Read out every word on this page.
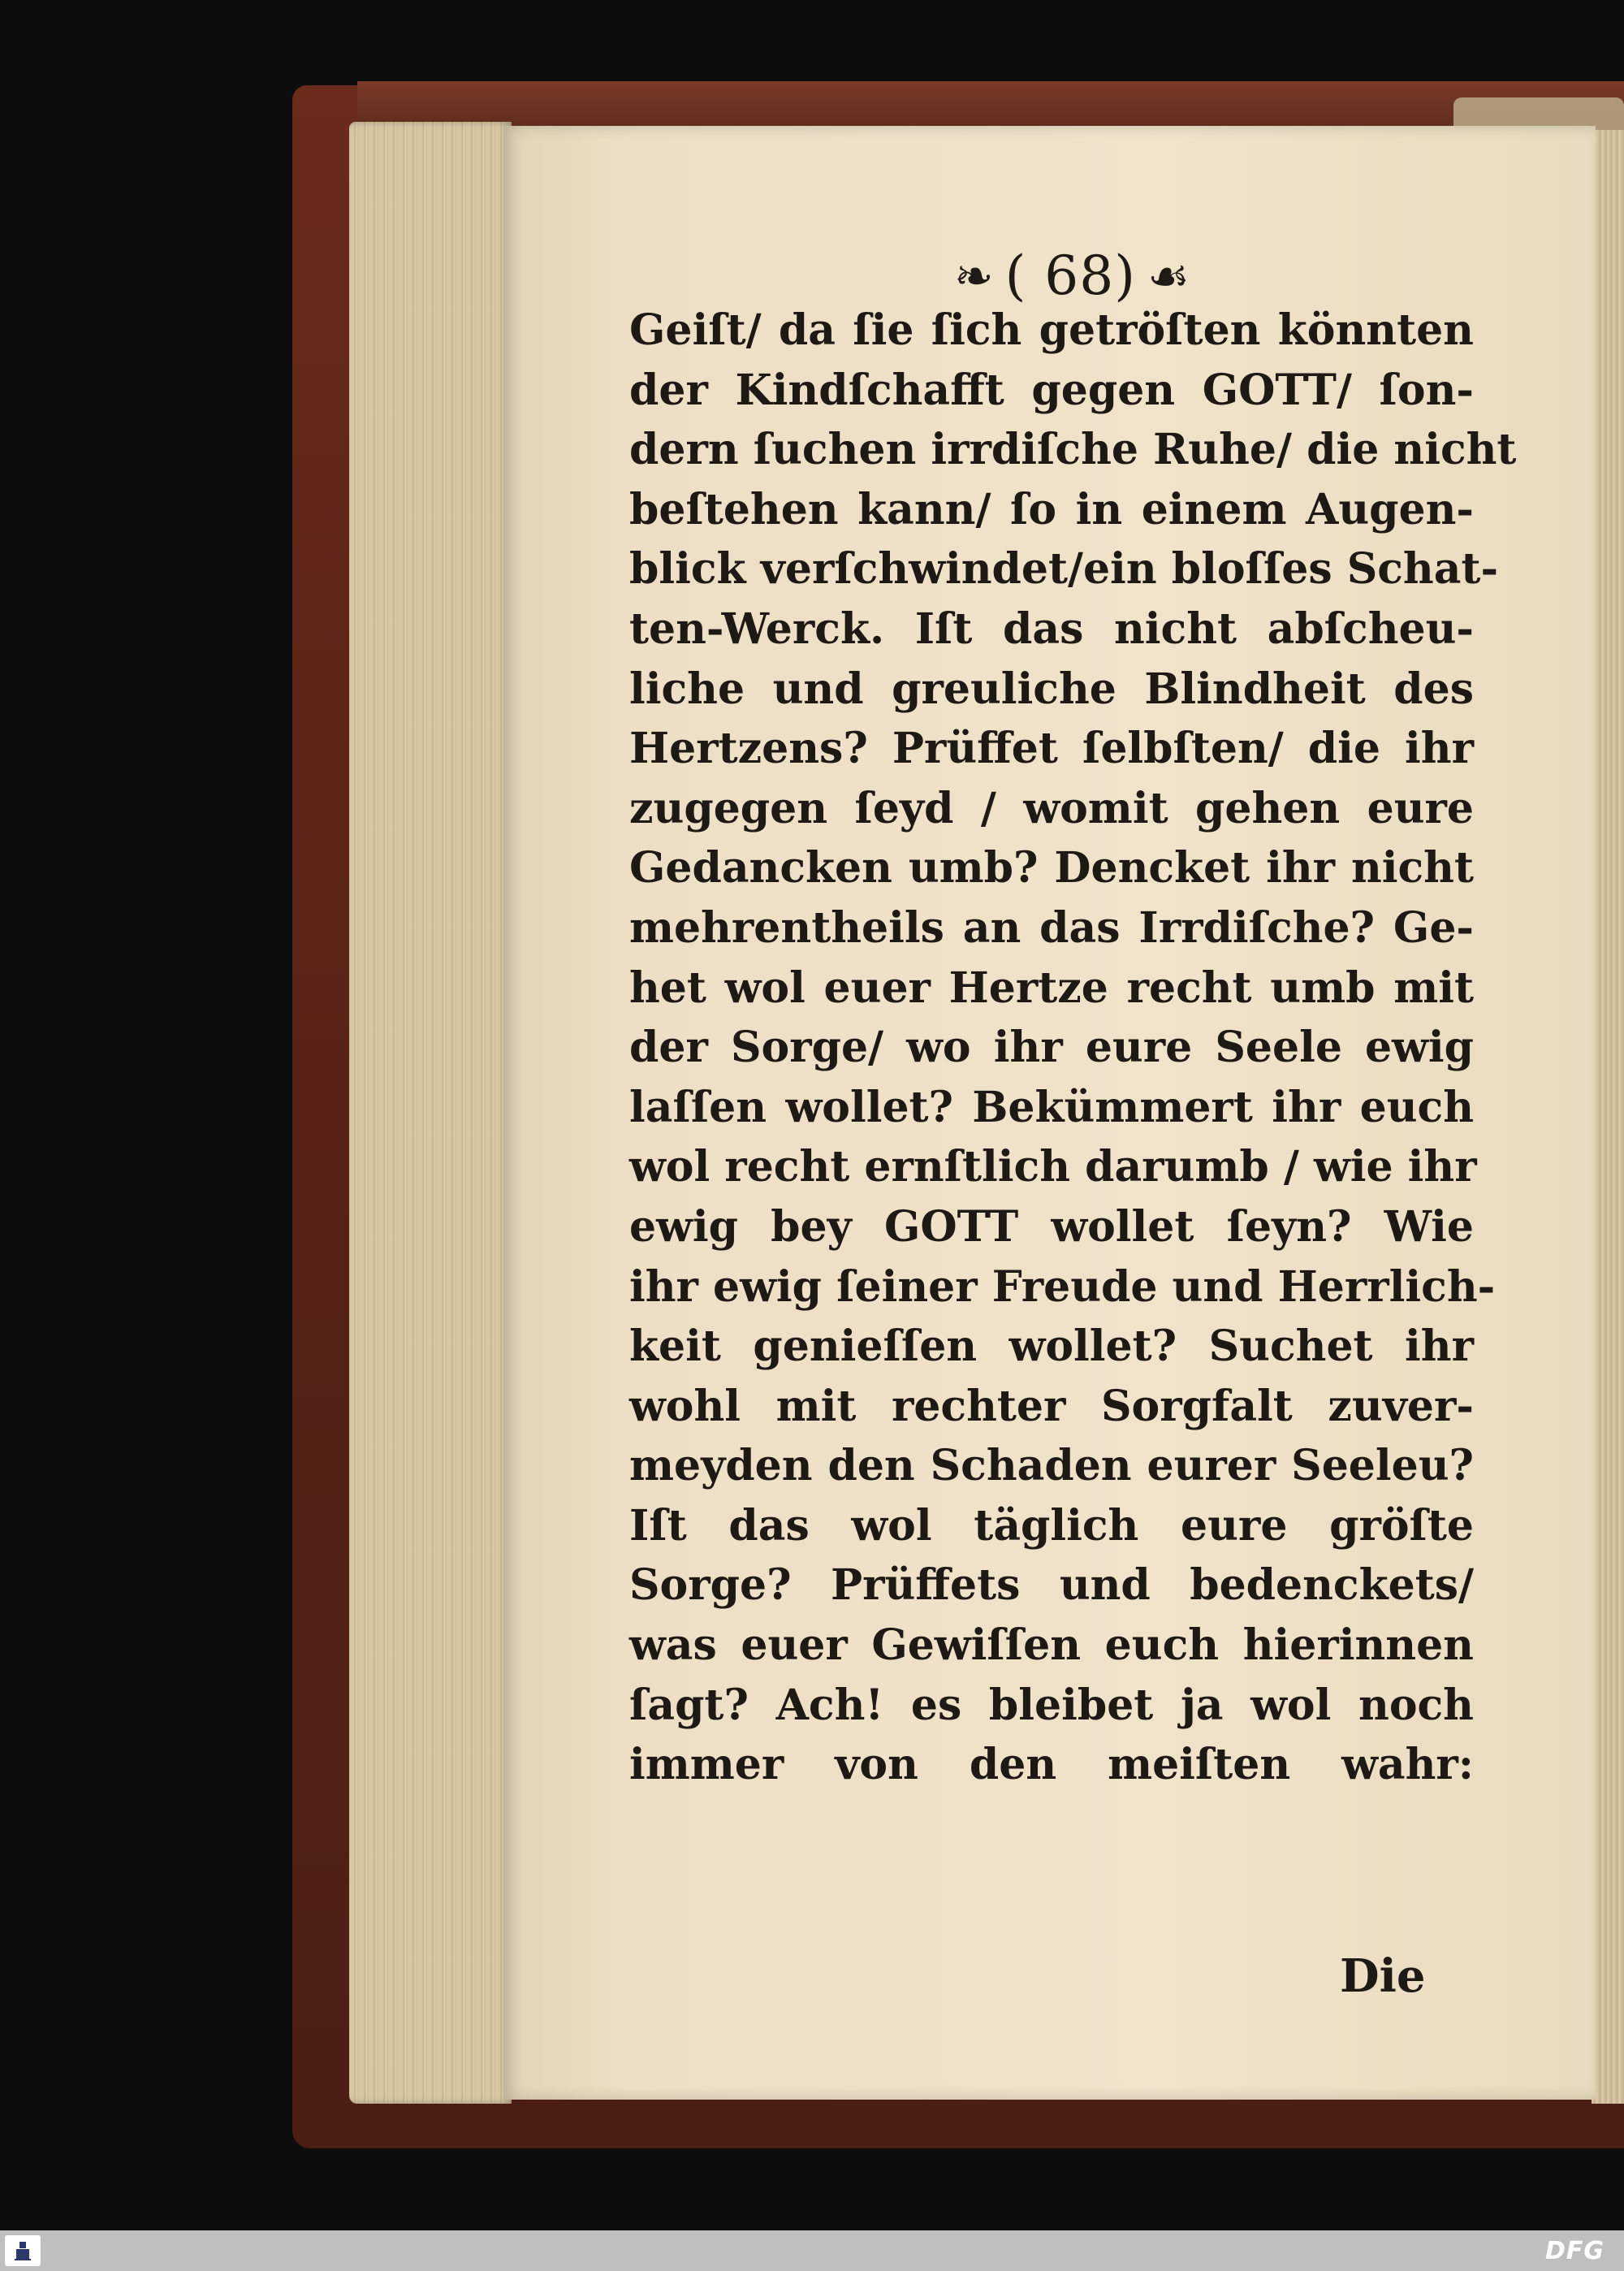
❧ ( 68) ☙
Geiſt/ da ſie ſich getröſten könnten
der Kindſchafft gegen GOTT/ ſon-
dern ſuchen irrdiſche Ruhe/ die nicht
beſtehen kann/ ſo in einem Augen-
blick verſchwindet/ein bloſſes Schat-
ten-Werck. Iſt das nicht abſcheu-
liche und greuliche Blindheit des
Hertzens? Prüffet ſelbſten/ die ihr
zugegen ſeyd / womit gehen eure
Gedancken umb? Dencket ihr nicht
mehrentheils an das Irrdiſche? Ge-
het wol euer Hertze recht umb mit
der Sorge/ wo ihr eure Seele ewig
laſſen wollet? Bekümmert ihr euch
wol recht ernſtlich darumb / wie ihr
ewig bey GOTT wollet ſeyn? Wie
ihr ewig ſeiner Freude und Herrlich-
keit genieſſen wollet? Suchet ihr
wohl mit rechter Sorgfalt zuver-
meyden den Schaden eurer Seeleu?
Iſt das wol täglich eure gröſte
Sorge? Prüffets und bedenckets/
was euer Gewiſſen euch hierinnen
ſagt? Ach! es bleibet ja wol noch
immer von den meiſten wahr:
Die
DFG
